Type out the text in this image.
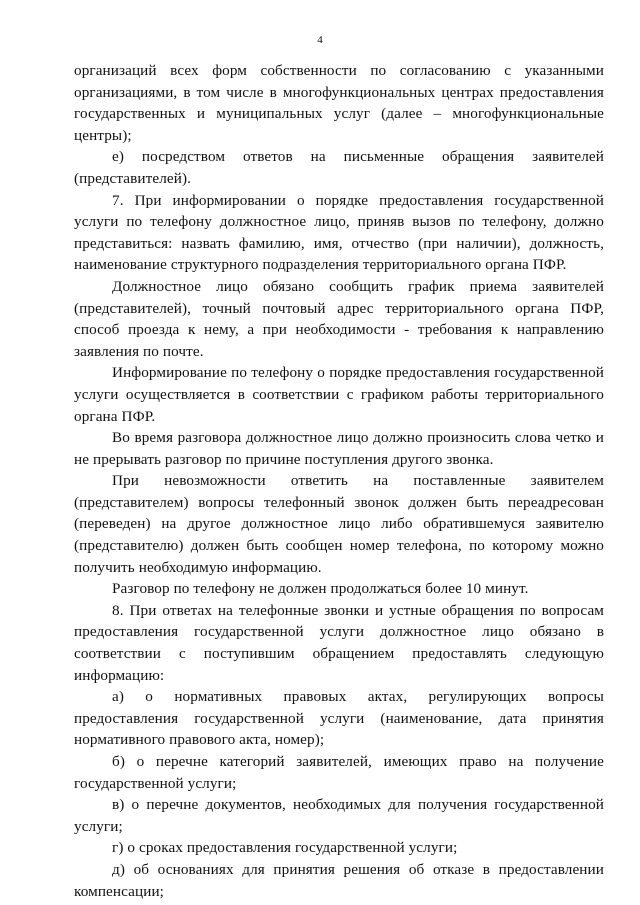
4

организаций всех форм собственности по согласованию с указанными организациями, в том числе в многофункциональных центрах предоставления государственных и муниципальных услуг (далее – многофункциональные центры);

е) посредством ответов на письменные обращения заявителей (представителей).

7. При информировании о порядке предоставления государственной услуги по телефону должностное лицо, приняв вызов по телефону, должно представиться: назвать фамилию, имя, отчество (при наличии), должность, наименование структурного подразделения территориального органа ПФР.

Должностное лицо обязано сообщить график приема заявителей (представителей), точный почтовый адрес территориального органа ПФР, способ проезда к нему, а при необходимости - требования к направлению заявления по почте.

Информирование по телефону о порядке предоставления государственной услуги осуществляется в соответствии с графиком работы территориального органа ПФР.

Во время разговора должностное лицо должно произносить слова четко и не прерывать разговор по причине поступления другого звонка.

При невозможности ответить на поставленные заявителем (представителем) вопросы телефонный звонок должен быть переадресован (переведен) на другое должностное лицо либо обратившемуся заявителю (представителю) должен быть сообщен номер телефона, по которому можно получить необходимую информацию.

Разговор по телефону не должен продолжаться более 10 минут.

8. При ответах на телефонные звонки и устные обращения по вопросам предоставления государственной услуги должностное лицо обязано в соответствии с поступившим обращением предоставлять следующую информацию:

а) о нормативных правовых актах, регулирующих вопросы предоставления государственной услуги (наименование, дата принятия нормативного правового акта, номер);

б) о перечне категорий заявителей, имеющих право на получение государственной услуги;

в) о перечне документов, необходимых для получения государственной услуги;

г) о сроках предоставления государственной услуги;

д) об основаниях для принятия решения об отказе в предоставлении компенсации;
